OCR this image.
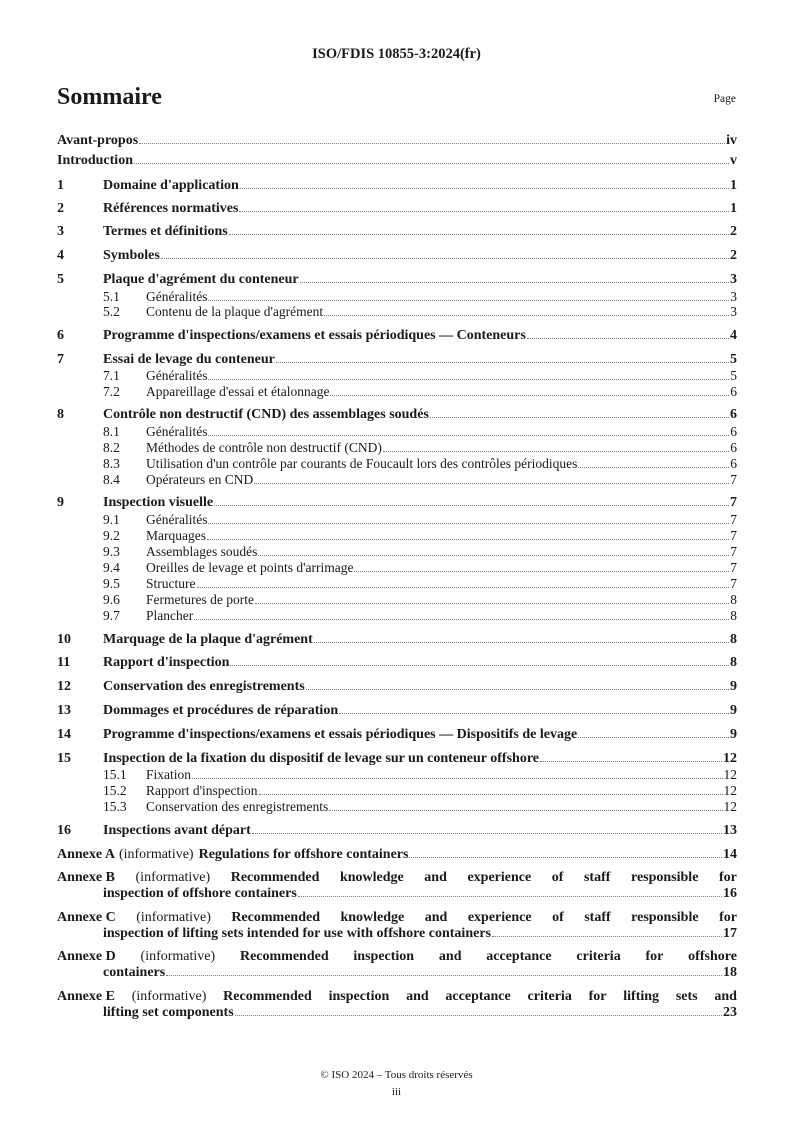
ISO/FDIS 10855-3:2024(fr)
Sommaire	Page
Avant-propos	iv
Introduction	v
1	Domaine d'application	1
2	Références normatives	1
3	Termes et définitions	2
4	Symboles	2
5	Plaque d'agrément du conteneur	3
5.1	Généralités	3
5.2	Contenu de la plaque d'agrément	3
6	Programme d'inspections/examens et essais périodiques — Conteneurs	4
7	Essai de levage du conteneur	5
7.1	Généralités	5
7.2	Appareillage d'essai et étalonnage	6
8	Contrôle non destructif (CND) des assemblages soudés	6
8.1	Généralités	6
8.2	Méthodes de contrôle non destructif (CND)	6
8.3	Utilisation d'un contrôle par courants de Foucault lors des contrôles périodiques	6
8.4	Opérateurs en CND	7
9	Inspection visuelle	7
9.1	Généralités	7
9.2	Marquages	7
9.3	Assemblages soudés	7
9.4	Oreilles de levage et points d'arrimage	7
9.5	Structure	7
9.6	Fermetures de porte	8
9.7	Plancher	8
10	Marquage de la plaque d'agrément	8
11	Rapport d'inspection	8
12	Conservation des enregistrements	9
13	Dommages et procédures de réparation	9
14	Programme d'inspections/examens et essais périodiques — Dispositifs de levage	9
15	Inspection de la fixation du dispositif de levage sur un conteneur offshore	12
15.1	Fixation	12
15.2	Rapport d'inspection	12
15.3	Conservation des enregistrements	12
16	Inspections avant départ	13
Annexe A (informative) Regulations for offshore containers	14
Annexe B (informative) Recommended knowledge and experience of staff responsible for
inspection of offshore containers	16
Annexe C (informative) Recommended knowledge and experience of staff responsible for
inspection of lifting sets intended for use with offshore containers	17
Annexe D (informative) Recommended inspection and acceptance criteria for offshore
containers	18
Annexe E (informative) Recommended inspection and acceptance criteria for lifting sets and
lifting set components	23
© ISO 2024 – Tous droits réservés
iii
